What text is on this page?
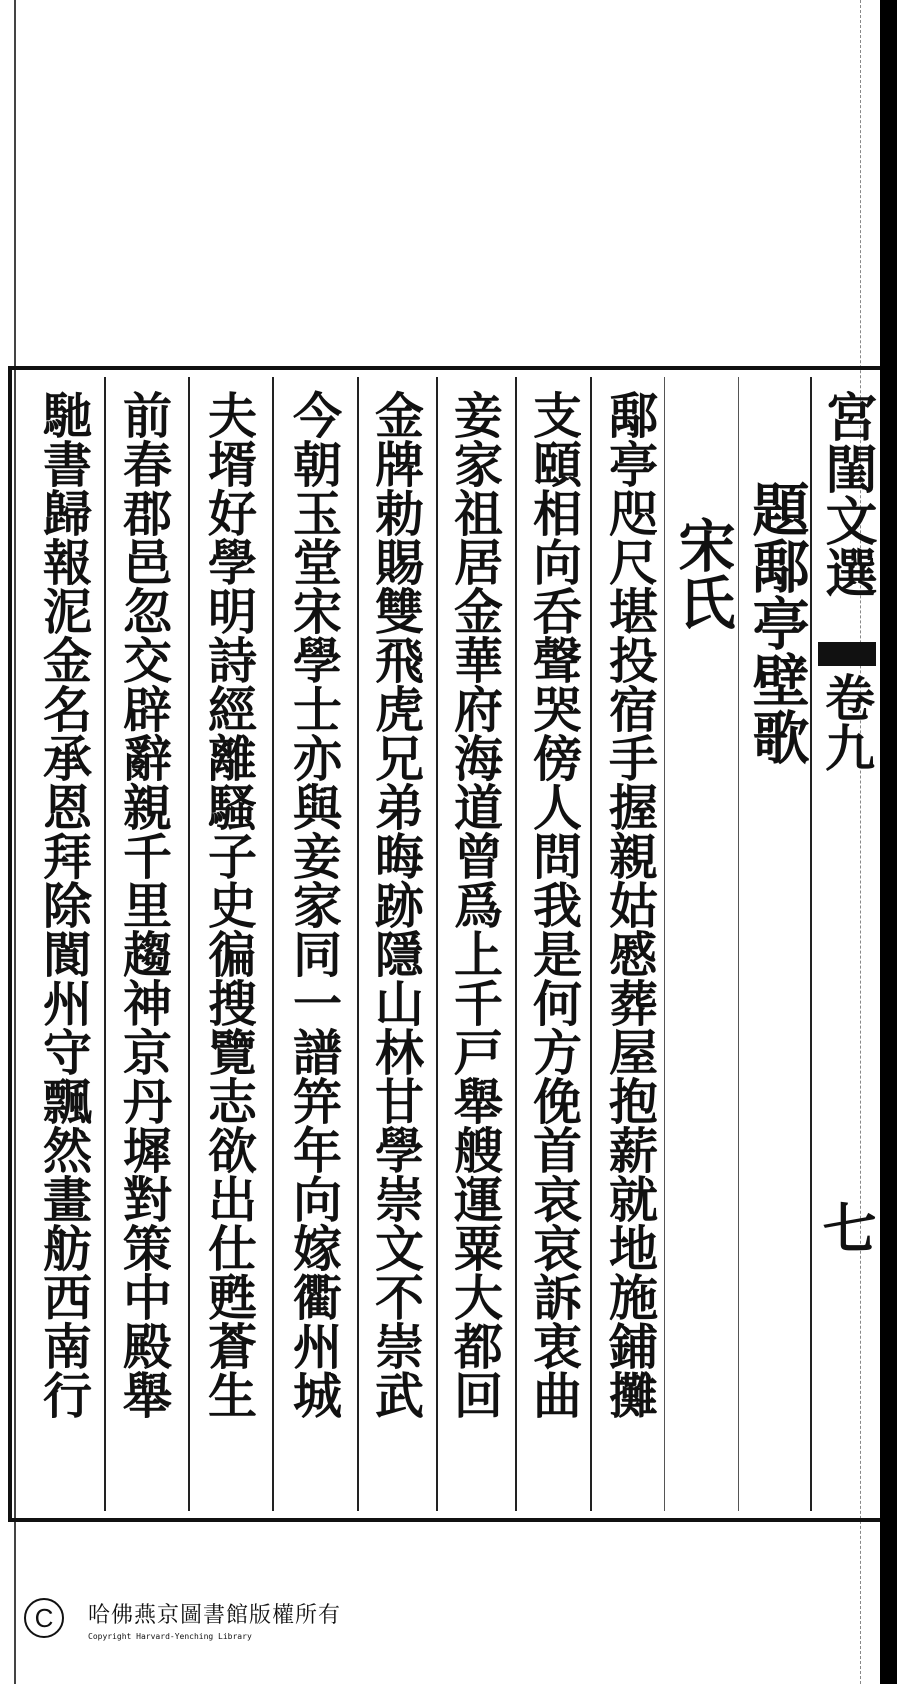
宮閨文選
卷九
七
題鄅亭壁歌
宋氏
鄅亭咫尺堪投宿手握親姑慼葬屋抱薪就地施鋪攤
支頤相向呑聲哭傍人問我是何方俛首哀哀訴衷曲
妾家祖居金華府海道曾爲上千戸舉艘運粟大都回
金牌勅賜雙飛虎兄弟晦跡隱山林甘學崇文不崇武
今朝玉堂宋學士亦與妾家同一譜笄年向嫁衢州城
夫壻好學明詩經離騷子史徧搜覽志欲出仕甦蒼生
前春郡邑忽交辟辭親千里趨神京丹墀對策中殿舉
馳書歸報泥金名承恩拜除閬州守飄然畫舫西南行
C	哈佛燕京圖書館版權所有
Copyright Harvard-Yenching Library
